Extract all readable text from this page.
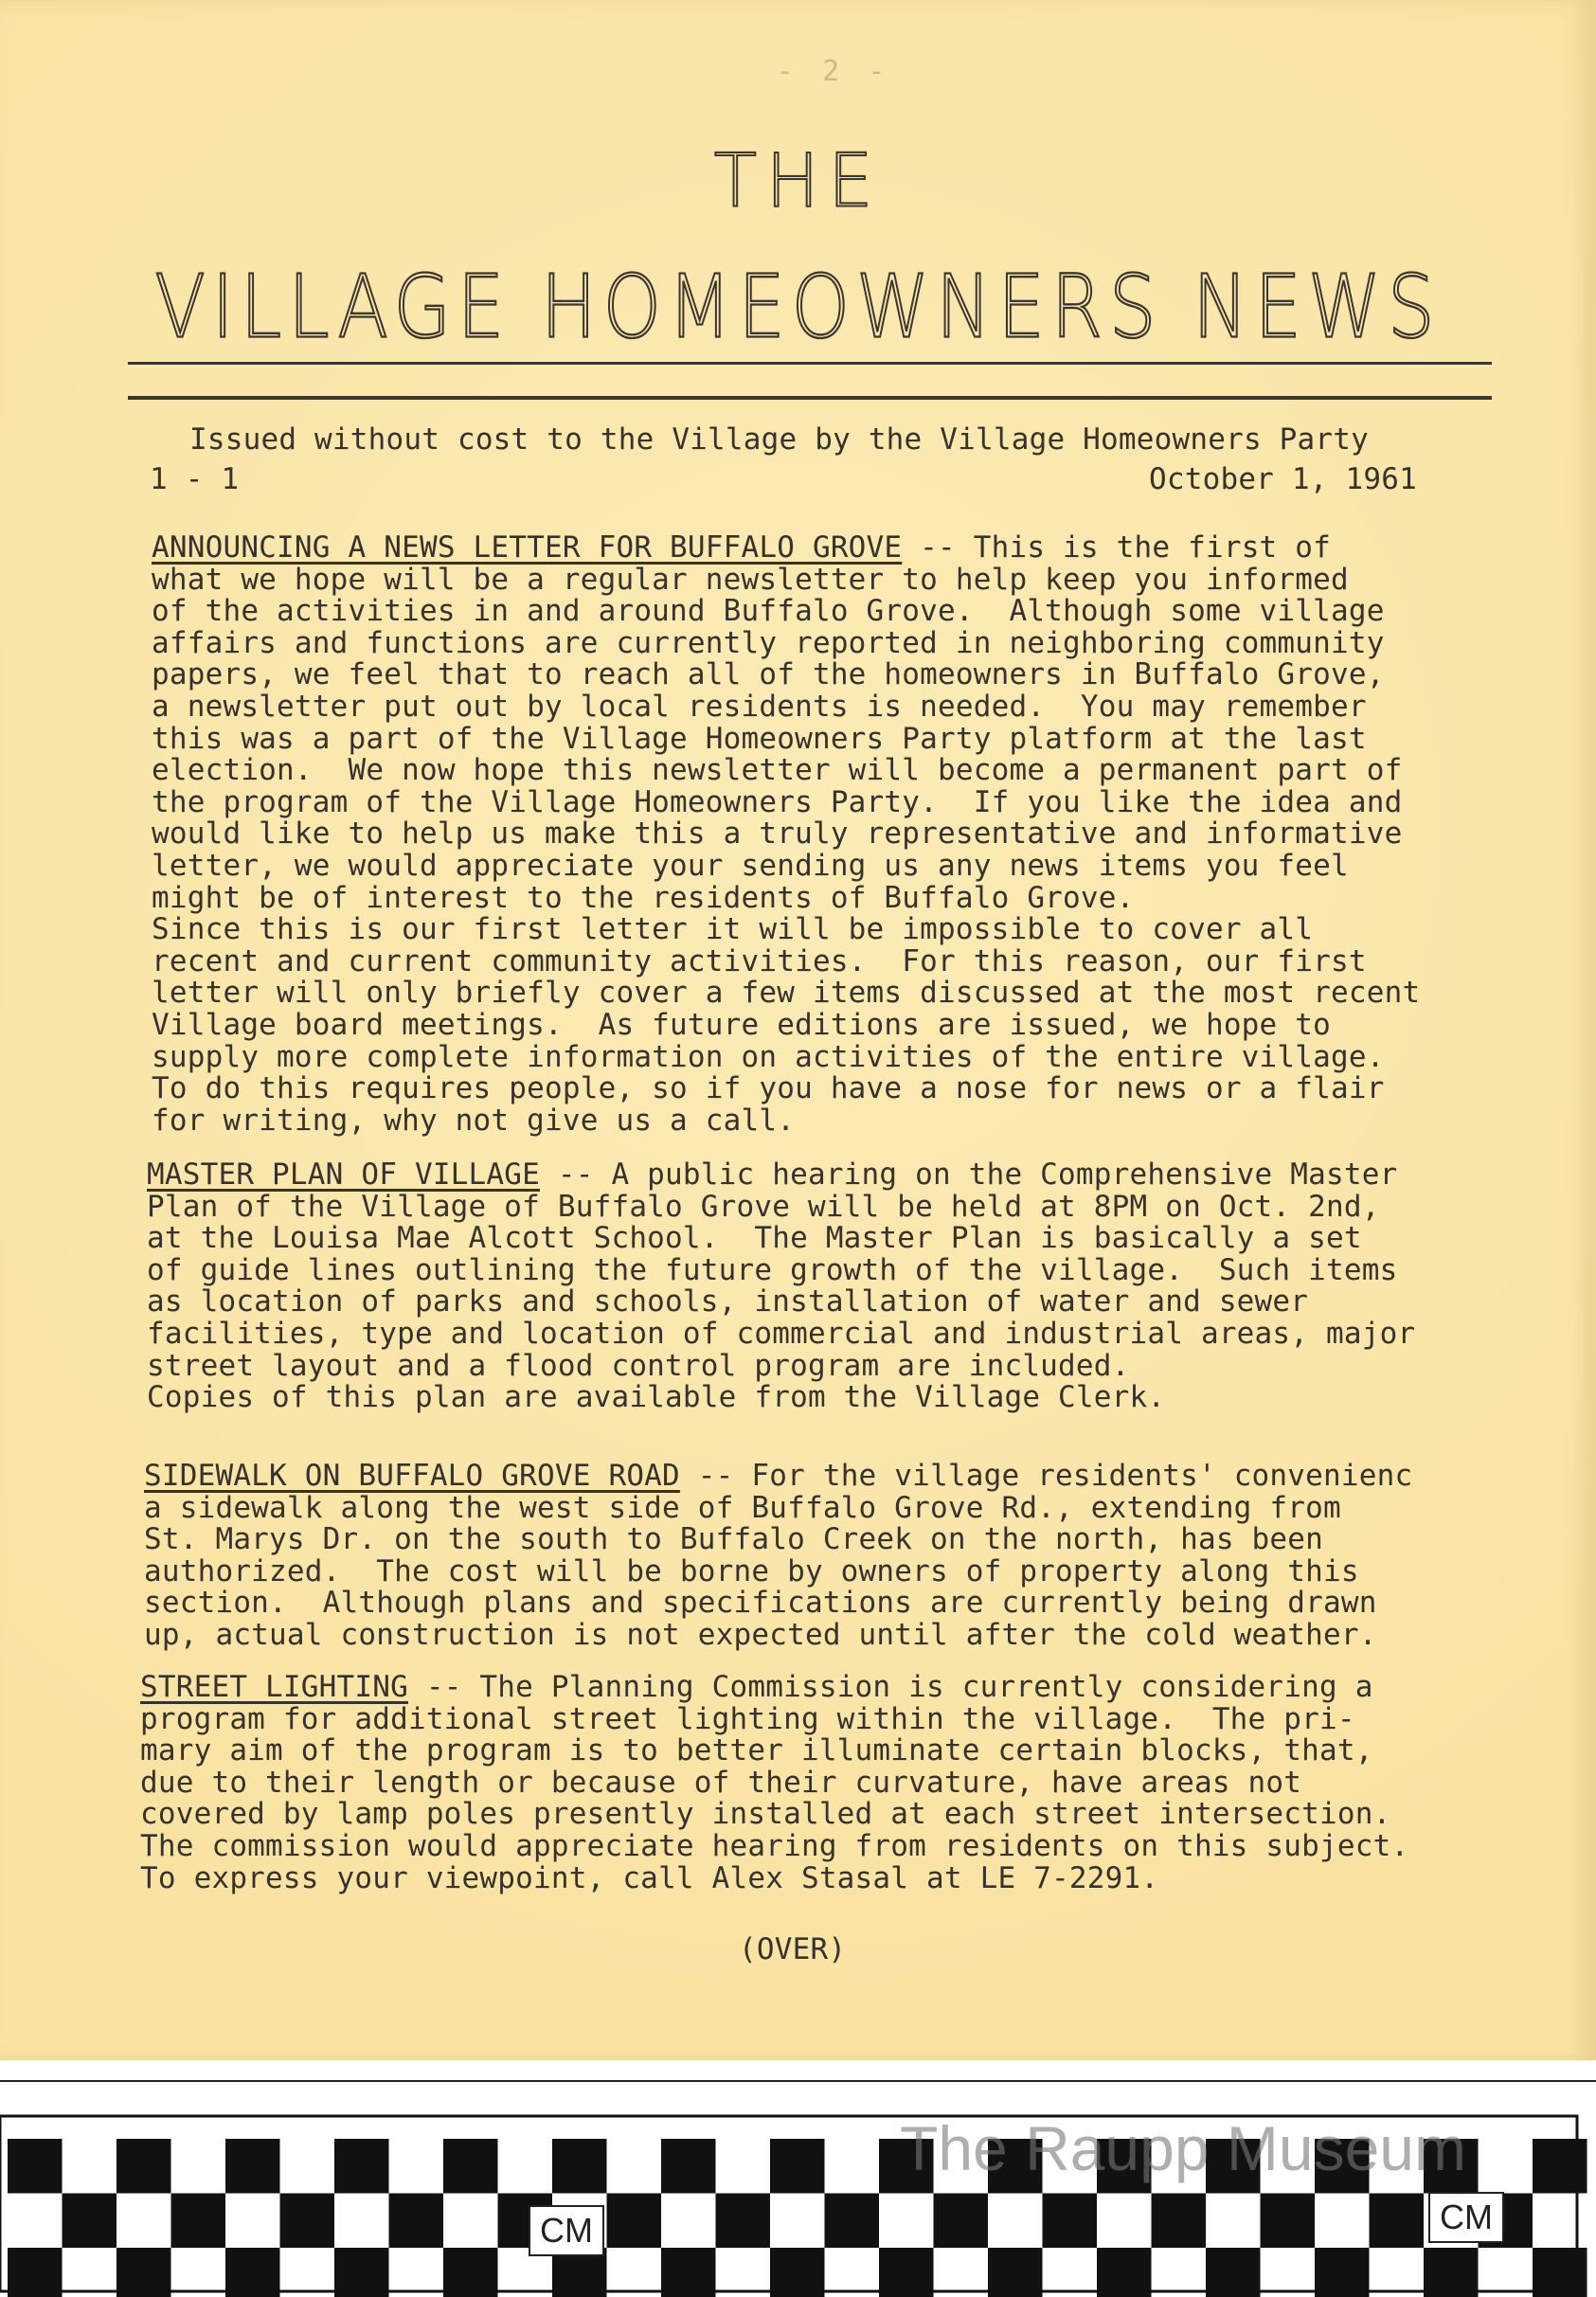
- 2 -
THE
VILLAGE HOMEOWNERS NEWS
Issued without cost to the Village by the Village Homeowners Party
1 - 1	October 1, 1961
ANNOUNCING A NEWS LETTER FOR BUFFALO GROVE -- This is the first of
what we hope will be a regular newsletter to help keep you informed
of the activities in and around Buffalo Grove.  Although some village
affairs and functions are currently reported in neighboring community
papers, we feel that to reach all of the homeowners in Buffalo Grove,
a newsletter put out by local residents is needed.  You may remember
this was a part of the Village Homeowners Party platform at the last
election.  We now hope this newsletter will become a permanent part of
the program of the Village Homeowners Party.  If you like the idea and
would like to help us make this a truly representative and informative
letter, we would appreciate your sending us any news items you feel
might be of interest to the residents of Buffalo Grove.
Since this is our first letter it will be impossible to cover all
recent and current community activities.  For this reason, our first
letter will only briefly cover a few items discussed at the most recent
Village board meetings.  As future editions are issued, we hope to
supply more complete information on activities of the entire village.
To do this requires people, so if you have a nose for news or a flair
for writing, why not give us a call.
MASTER PLAN OF VILLAGE -- A public hearing on the Comprehensive Master
Plan of the Village of Buffalo Grove will be held at 8PM on Oct. 2nd,
at the Louisa Mae Alcott School.  The Master Plan is basically a set
of guide lines outlining the future growth of the village.  Such items
as location of parks and schools, installation of water and sewer
facilities, type and location of commercial and industrial areas, major
street layout and a flood control program are included.
Copies of this plan are available from the Village Clerk.
SIDEWALK ON BUFFALO GROVE ROAD -- For the village residents' convenienc
a sidewalk along the west side of Buffalo Grove Rd., extending from
St. Marys Dr. on the south to Buffalo Creek on the north, has been
authorized.  The cost will be borne by owners of property along this
section.  Although plans and specifications are currently being drawn
up, actual construction is not expected until after the cold weather.
STREET LIGHTING -- The Planning Commission is currently considering a
program for additional street lighting within the village.  The pri-
mary aim of the program is to better illuminate certain blocks, that,
due to their length or because of their curvature, have areas not
covered by lamp poles presently installed at each street intersection.
The commission would appreciate hearing from residents on this subject.
To express your viewpoint, call Alex Stasal at LE 7-2291.
(OVER)
The Raupp Museum
CM	CM
